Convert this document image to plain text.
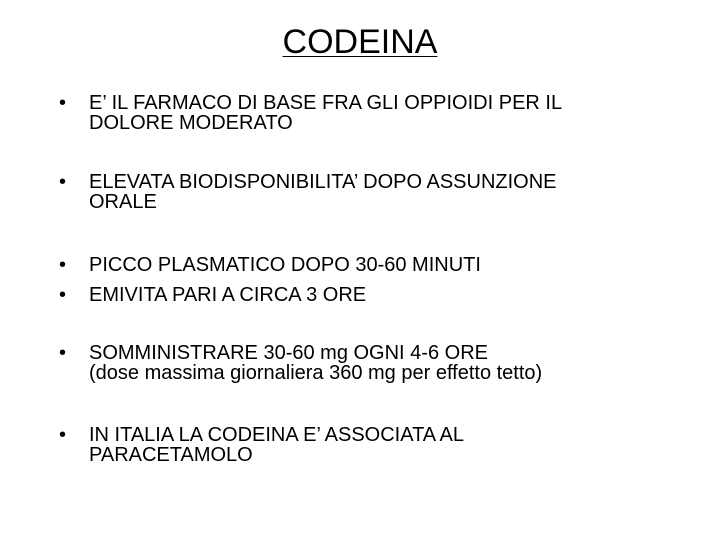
CODEINA
• E’ IL FARMACO DI BASE FRA GLI OPPIOIDI PER IL
DOLORE MODERATO
• ELEVATA BIODISPONIBILITA’ DOPO ASSUNZIONE
ORALE
• PICCO PLASMATICO DOPO 30-60 MINUTI
• EMIVITA PARI A CIRCA 3 ORE
• SOMMINISTRARE 30-60 mg OGNI 4-6 ORE
(dose massima giornaliera 360 mg per effetto tetto)
• IN ITALIA LA CODEINA E’ ASSOCIATA AL
PARACETAMOLO
